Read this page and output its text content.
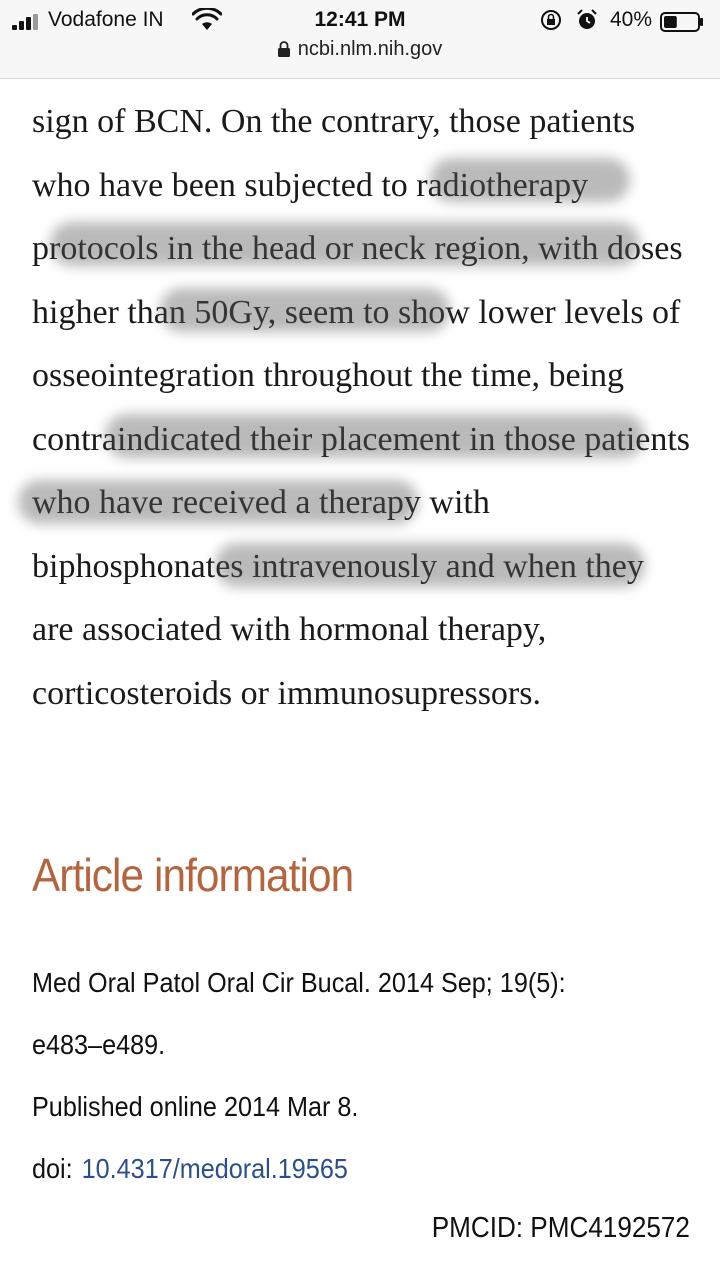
Vodafone IN	12:41 PM	40%
ncbi.nlm.nih.gov

sign of BCN. On the contrary, those patients who have been subjected to radiotherapy protocols in the head or neck region, with doses higher than 50Gy, seem to show lower levels of osseointegration throughout the time, being contraindicated their placement in those patients who have received a therapy with biphosphonates intravenously and when they are associated with hormonal therapy, corticosteroids or immunosupressors.

Article information
Med Oral Patol Oral Cir Bucal. 2014 Sep; 19(5): e483–e489.
Published online 2014 Mar 8.
doi: 10.4317/medoral.19565
PMCID: PMC4192572
